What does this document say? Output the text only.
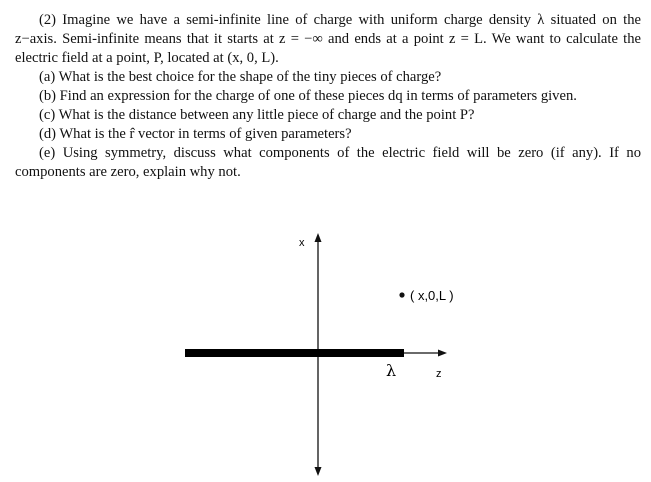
(2) Imagine we have a semi-infinite line of charge with uniform charge density λ situated on the z−axis. Semi-infinite means that it starts at z = −∞ and ends at a point z = L. We want to calculate the electric field at a point, P, located at (x, 0, L).

(a) What is the best choice for the shape of the tiny pieces of charge?

(b) Find an expression for the charge of one of these pieces dq in terms of parameters given.

(c) What is the distance between any little piece of charge and the point P?

(d) What is the r̂ vector in terms of given parameters?

(e) Using symmetry, discuss what components of the electric field will be zero (if any). If no components are zero, explain why not.

x
z
( x,0,L )
λ
